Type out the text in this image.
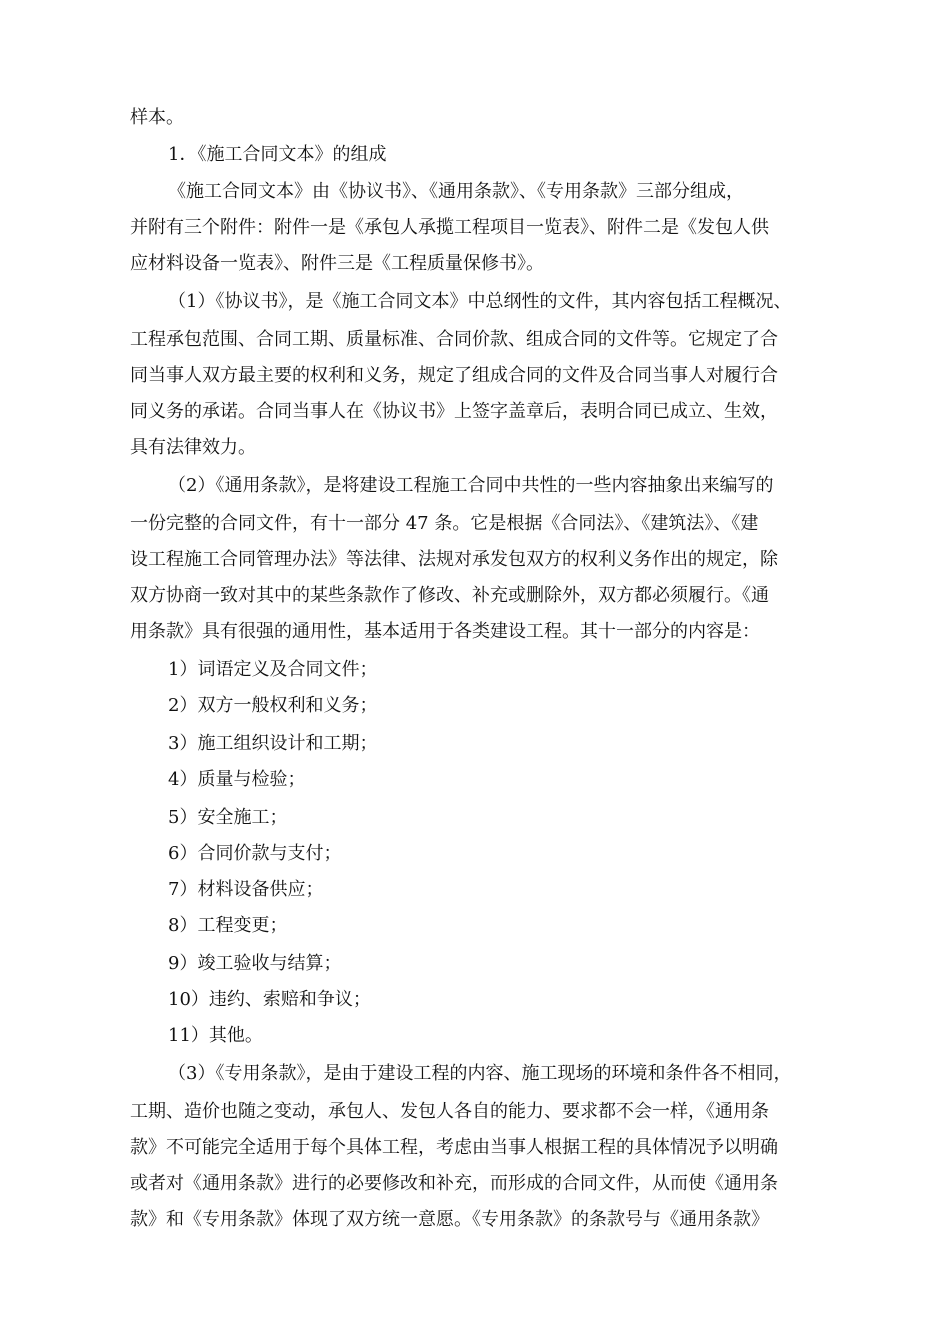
样本。
1．《施工合同文本》的组成
《施工合同文本》由《协议书》、《通用条款》、《专用条款》三部分组成，
并附有三个附件：附件一是《承包人承揽工程项目一览表》、附件二是《发包人供
应材料设备一览表》、附件三是《工程质量保修书》。
（1）《协议书》，是《施工合同文本》中总纲性的文件，其内容包括工程概况、
工程承包范围、合同工期、质量标准、合同价款、组成合同的文件等。它规定了合
同当事人双方最主要的权利和义务，规定了组成合同的文件及合同当事人对履行合
同义务的承诺。合同当事人在《协议书》上签字盖章后，表明合同已成立、生效，
具有法律效力。
（2）《通用条款》，是将建设工程施工合同中共性的一些内容抽象出来编写的
一份完整的合同文件，有十一部分 47 条。它是根据《合同法》、《建筑法》、《建
设工程施工合同管理办法》等法律、法规对承发包双方的权利义务作出的规定，除
双方协商一致对其中的某些条款作了修改、补充或删除外，双方都必须履行。《通
用条款》具有很强的通用性，基本适用于各类建设工程。其十一部分的内容是：
1）词语定义及合同文件；
2）双方一般权利和义务；
3）施工组织设计和工期；
4）质量与检验；
5）安全施工；
6）合同价款与支付；
7）材料设备供应；
8）工程变更；
9）竣工验收与结算；
10）违约、索赔和争议；
11）其他。
（3）《专用条款》，是由于建设工程的内容、施工现场的环境和条件各不相同，
工期、造价也随之变动，承包人、发包人各自的能力、要求都不会一样，《通用条
款》不可能完全适用于每个具体工程，考虑由当事人根据工程的具体情况予以明确
或者对《通用条款》进行的必要修改和补充，而形成的合同文件，从而使《通用条
款》和《专用条款》体现了双方统一意愿。《专用条款》的条款号与《通用条款》
